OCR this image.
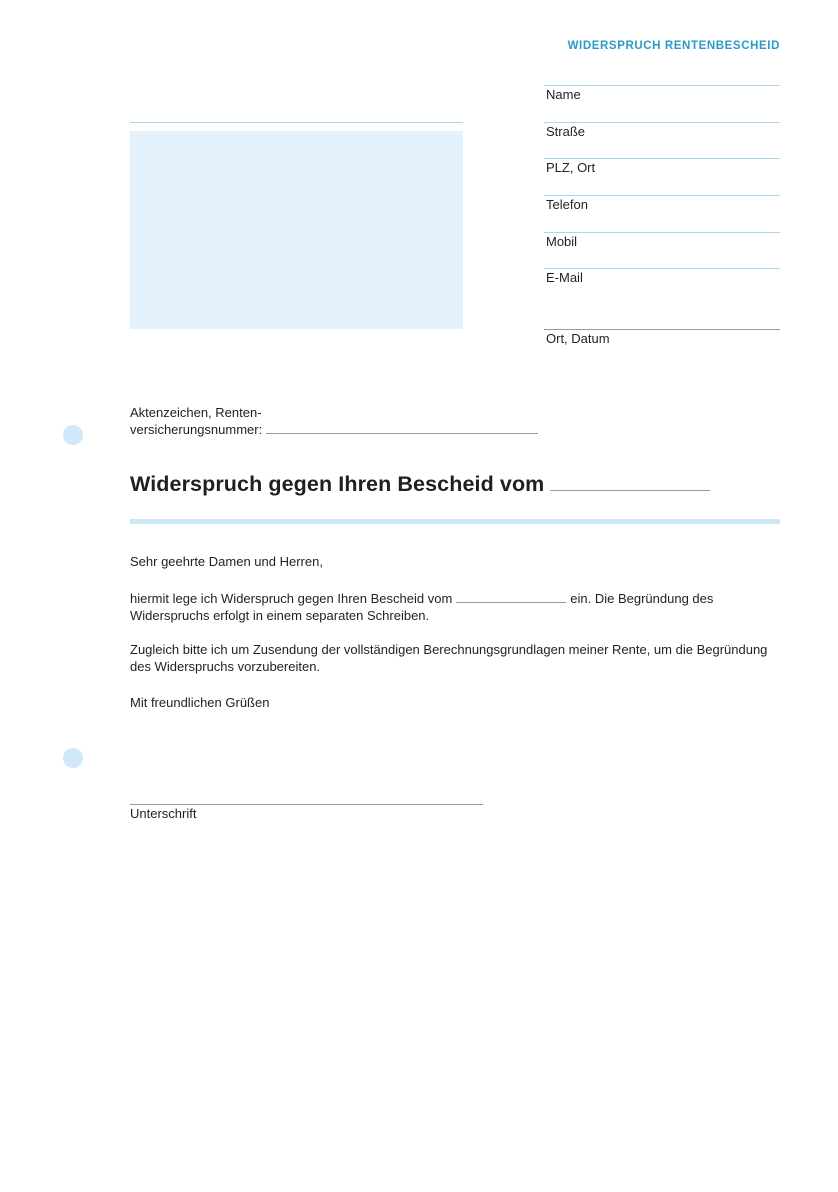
WIDERSPRUCH RENTENBESCHEID
Name
Straße
PLZ, Ort
Telefon
Mobil
E-Mail
Ort, Datum
Aktenzeichen, Renten-
versicherungsnummer:
Widerspruch gegen Ihren Bescheid vom
Sehr geehrte Damen und Herren,
hiermit lege ich Widerspruch gegen Ihren Bescheid vom	ein. Die Begründung des Widerspruchs erfolgt in einem separaten Schreiben.
Zugleich bitte ich um Zusendung der vollständigen Berechnungsgrundlagen meiner Rente, um die Begründung des Widerspruchs vorzubereiten.
Mit freundlichen Grüßen
Unterschrift
